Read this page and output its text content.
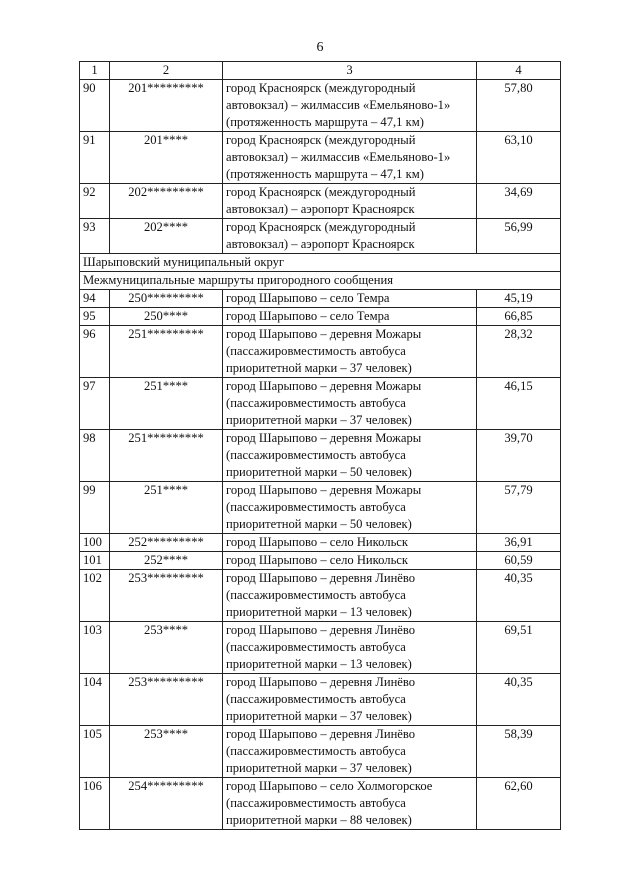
6
1	2	3	4
90	201*********	город Красноярск (междугородный
автовокзал) – жилмассив «Емельяново-1»
(протяженность маршрута – 47,1 км)	57,80
91	201****	город Красноярск (междугородный
автовокзал) – жилмассив «Емельяново-1»
(протяженность маршрута – 47,1 км)	63,10
92	202*********	город Красноярск (междугородный
автовокзал) – аэропорт Красноярск	34,69
93	202****	город Красноярск (междугородный
автовокзал) – аэропорт Красноярск	56,99
Шарыповский муниципальный округ			
Межмуниципальные маршруты пригородного сообщения			
94	250*********	город Шарыпово – село Темра	45,19
95	250****	город Шарыпово – село Темра	66,85
96	251*********	город Шарыпово – деревня Можары
(пассажировместимость автобуса
приоритетной марки – 37 человек)	28,32
97	251****	город Шарыпово – деревня Можары
(пассажировместимость автобуса
приоритетной марки – 37 человек)	46,15
98	251*********	город Шарыпово – деревня Можары
(пассажировместимость автобуса
приоритетной марки – 50 человек)	39,70
99	251****	город Шарыпово – деревня Можары
(пассажировместимость автобуса
приоритетной марки – 50 человек)	57,79
100	252*********	город Шарыпово – село Никольск	36,91
101	252****	город Шарыпово – село Никольск	60,59
102	253*********	город Шарыпово – деревня Линёво
(пассажировместимость автобуса
приоритетной марки – 13 человек)	40,35
103	253****	город Шарыпово – деревня Линёво
(пассажировместимость автобуса
приоритетной марки – 13 человек)	69,51
104	253*********	город Шарыпово – деревня Линёво
(пассажировместимость автобуса
приоритетной марки – 37 человек)	40,35
105	253****	город Шарыпово – деревня Линёво
(пассажировместимость автобуса
приоритетной марки – 37 человек)	58,39
106	254*********	город Шарыпово – село Холмогорское
(пассажировместимость автобуса
приоритетной марки – 88 человек)	62,60
